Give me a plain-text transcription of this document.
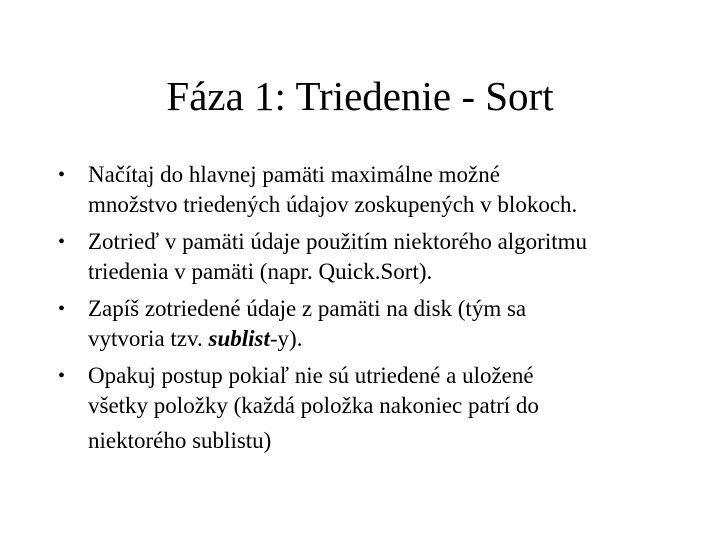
Fáza 1: Triedenie - Sort
• Načítaj do hlavnej pamäti maximálne možné
množstvo triedených údajov zoskupených v blokoch.
• Zotrieď v pamäti údaje použitím niektorého algoritmu
triedenia v pamäti (napr. Quick.Sort).
• Zapíš zotriedené údaje z pamäti na disk (tým sa
vytvoria tzv. sublist-y).
• Opakuj postup pokiaľ nie sú utriedené a uložené
všetky položky (každá položka nakoniec patrí do
niektorého sublistu)
